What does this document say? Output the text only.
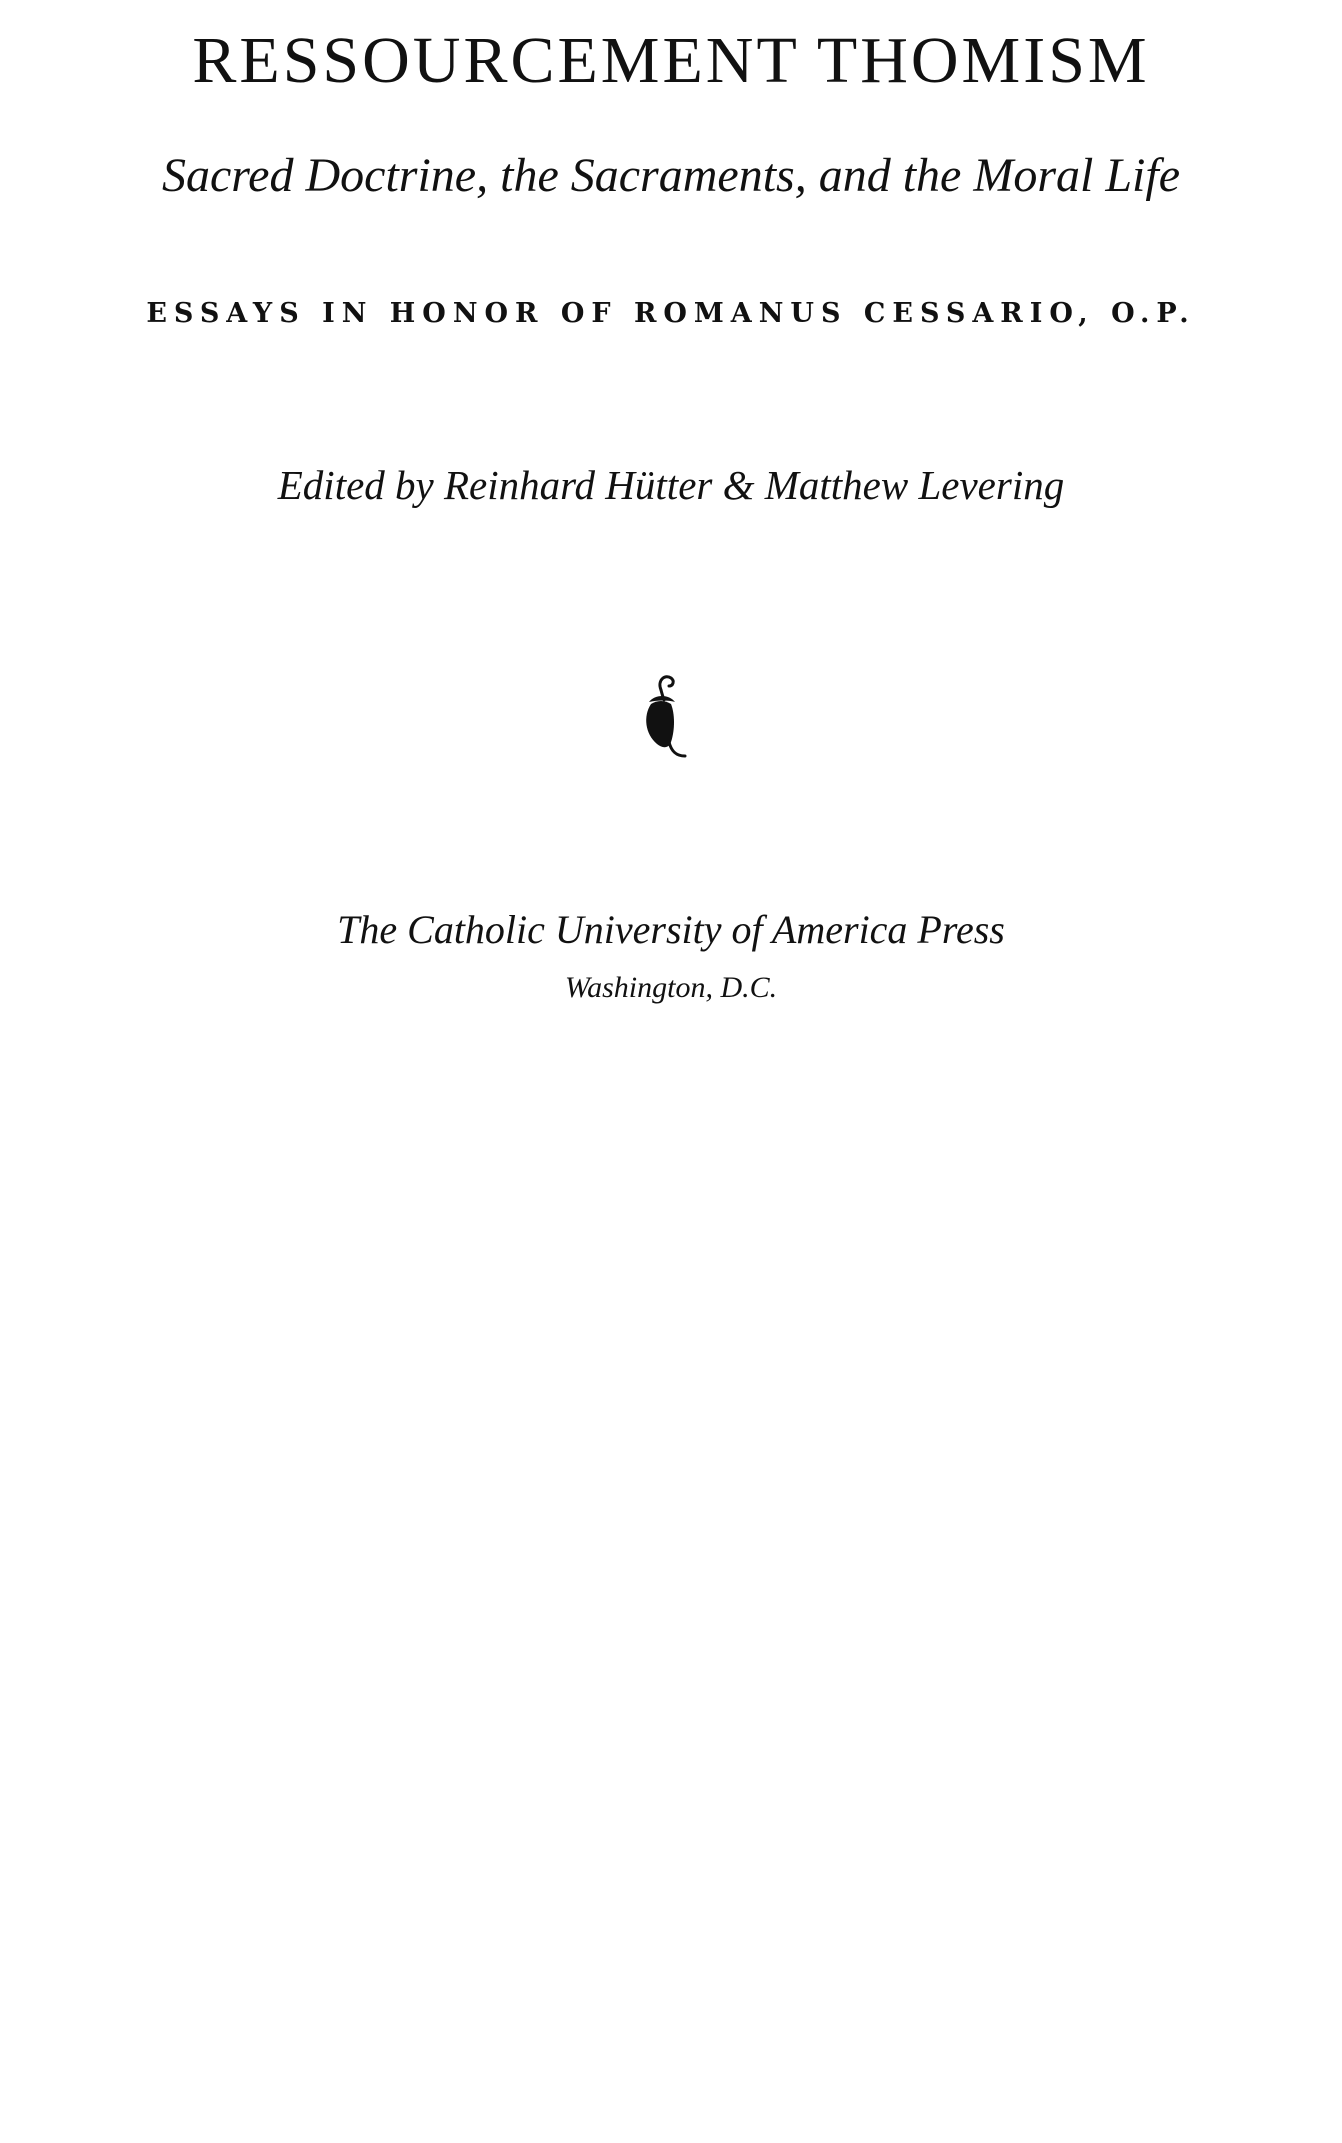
RESSOURCEMENT THOMISM
Sacred Doctrine, the Sacraments, and the Moral Life
ESSAYS IN HONOR OF ROMANUS CESSARIO, O.P.
Edited by Reinhard Hütter & Matthew Levering
The Catholic University of America Press
Washington, D.C.
